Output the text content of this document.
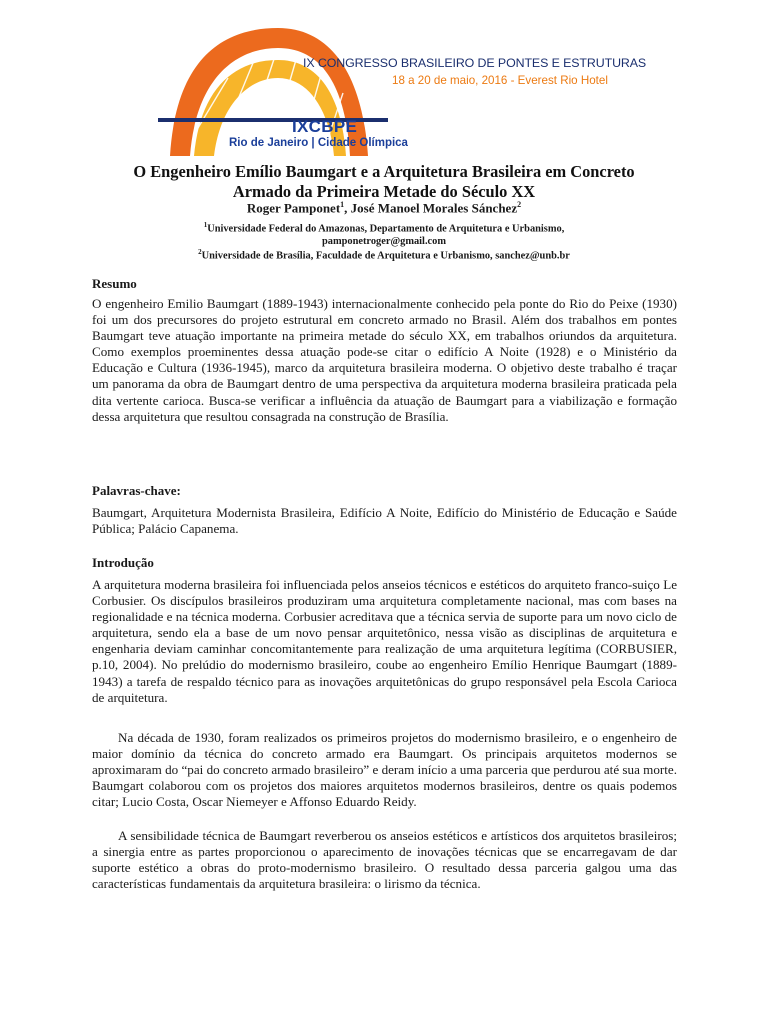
IX CONGRESSO BRASILEIRO DE PONTES E ESTRUTURAS
18 a 20 de maio, 2016 - Everest Rio Hotel
IXCBPE
Rio de Janeiro | Cidade Olímpica
O Engenheiro Emílio Baumgart e a Arquitetura Brasileira em Concreto
Armado da Primeira Metade do Século XX
Roger Pamponet$^1$, José Manoel Morales Sánchez$^2$
$^1$Universidade Federal do Amazonas, Departamento de Arquitetura e Urbanismo,
pamponetroger@gmail.com
$^2$Universidade de Brasília, Faculdade de Arquitetura e Urbanismo, sanchez@unb.br
Resumo
O engenheiro Emilio Baumgart (1889-1943) internacionalmente conhecido pela ponte do Rio do Peixe (1930) foi um dos precursores do projeto estrutural em concreto armado no Brasil. Além dos trabalhos em pontes Baumgart teve atuação importante na primeira metade do século XX, em trabalhos oriundos da arquitetura. Como exemplos proeminentes dessa atuação pode-se citar o edifício A Noite (1928) e o Ministério da Educação e Cultura (1936-1945), marco da arquitetura brasileira moderna. O objetivo deste trabalho é traçar um panorama da obra de Baumgart dentro de uma perspectiva da arquitetura moderna brasileira praticada pela dita vertente carioca. Busca-se verificar a influência da atuação de Baumgart para a viabilização e formação dessa arquitetura que resultou consagrada na construção de Brasília.
Palavras-chave:
Baumgart, Arquitetura Modernista Brasileira, Edifício A Noite, Edifício do Ministério de Educação e Saúde Pública; Palácio Capanema.
Introdução
A arquitetura moderna brasileira foi influenciada pelos anseios técnicos e estéticos do arquiteto franco-suiço Le Corbusier. Os discípulos brasileiros produziram uma arquitetura completamente nacional, mas com bases na regionalidade e na técnica moderna. Corbusier acreditava que a técnica servia de suporte para um novo ciclo de arquitetura, sendo ela a base de um novo pensar arquitetônico, nessa visão as disciplinas de arquitetura e engenharia deviam caminhar concomitantemente para realização de uma arquitetura legítima (CORBUSIER, p.10, 2004). No prelúdio do modernismo brasileiro, coube ao engenheiro Emílio Henrique Baumgart (1889-1943) a tarefa de respaldo técnico para as inovações arquitetônicas do grupo responsável pela Escola Carioca de arquitetura.
Na década de 1930, foram realizados os primeiros projetos do modernismo brasileiro, e o engenheiro de maior domínio da técnica do concreto armado era Baumgart. Os principais arquitetos modernos se aproximaram do “pai do concreto armado brasileiro” e deram início a uma parceria que perdurou até sua morte. Baumgart colaborou com os projetos dos maiores arquitetos modernos brasileiros, dentre os quais podemos citar; Lucio Costa, Oscar Niemeyer e Affonso Eduardo Reidy.
A sensibilidade técnica de Baumgart reverberou os anseios estéticos e artísticos dos arquitetos brasileiros; a sinergia entre as partes proporcionou o aparecimento de inovações técnicas que se encarregavam de dar suporte estético a obras do proto-modernismo brasileiro. O resultado dessa parceria galgou uma das características fundamentais da arquitetura brasileira: o lirismo da técnica.
